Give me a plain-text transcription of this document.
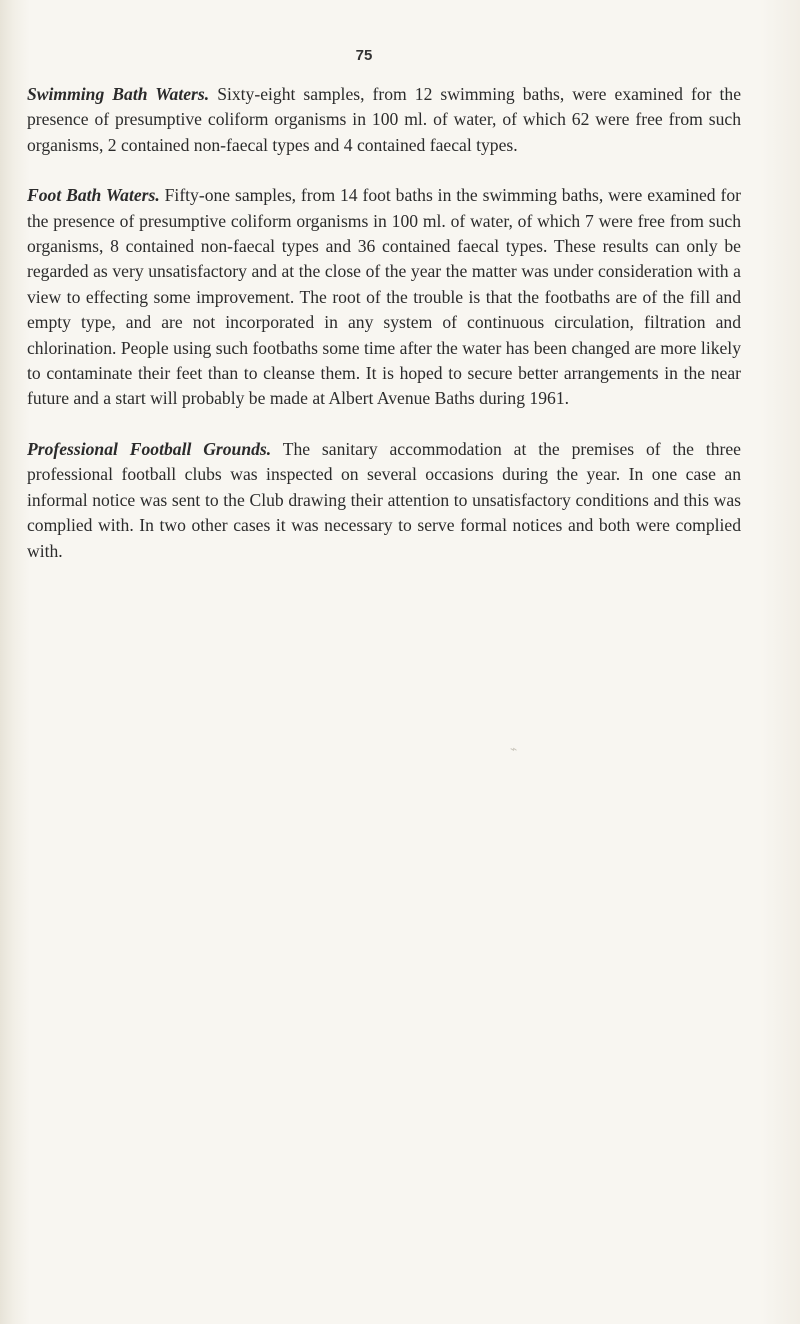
75

Swimming Bath Waters. Sixty-eight samples, from 12 swimming baths, were examined for the presence of presumptive coliform organisms in 100 ml. of water, of which 62 were free from such organisms, 2 contained non-faecal types and 4 contained faecal types.

Foot Bath Waters. Fifty-one samples, from 14 foot baths in the swimming baths, were examined for the presence of presumptive coliform organisms in 100 ml. of water, of which 7 were free from such organisms, 8 contained non-faecal types and 36 contained faecal types. These results can only be regarded as very unsatisfactory and at the close of the year the matter was under consideration with a view to effecting some improvement. The root of the trouble is that the footbaths are of the fill and empty type, and are not incorporated in any system of continuous circulation, filtration and chlorination. People using such footbaths some time after the water has been changed are more likely to contaminate their feet than to cleanse them. It is hoped to secure better arrangements in the near future and a start will probably be made at Albert Avenue Baths during 1961.

Professional Football Grounds. The sanitary accommodation at the premises of the three professional football clubs was inspected on several occasions during the year. In one case an informal notice was sent to the Club drawing their attention to unsatisfactory conditions and this was complied with. In two other cases it was necessary to serve formal notices and both were complied with.

⌁
